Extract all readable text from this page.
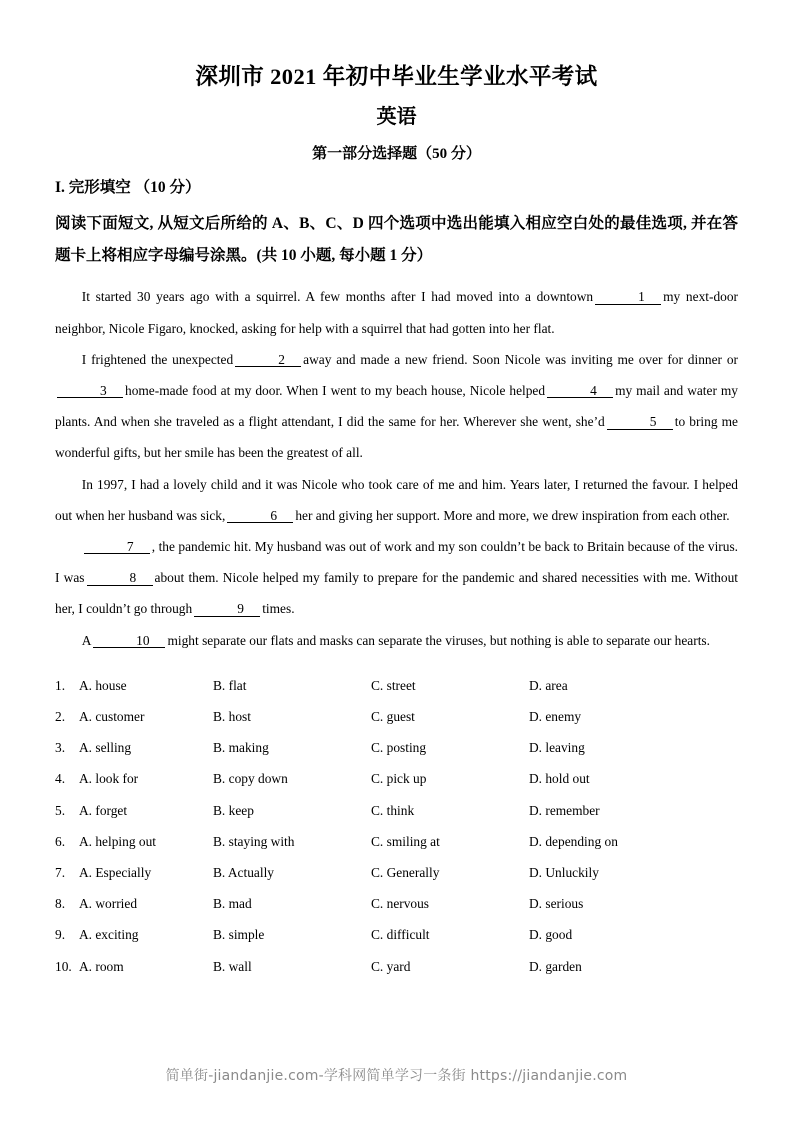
深圳市 2021 年初中毕业生学业水平考试
英语
第一部分选择题（50 分）
I. 完形填空 （10 分）
阅读下面短文, 从短文后所给的 A、B、C、D 四个选项中选出能填入相应空白处的最佳选项, 并在答题卡上将相应字母编号涂黑。(共 10 小题, 每小题 1 分）

It started 30 years ago with a squirrel. A few months after I had moved into a downtown	1 my next-door neighbor, Nicole Figaro, knocked, asking for help with a squirrel that had gotten into her flat.

I frightened the unexpected	2 away and made a new friend. Soon Nicole was inviting me over for dinner or3 home-made food at my door. When I went to my beach house, Nicole helped	4 my mail and water my plants. And when she traveled as a flight attendant, I did the same for her. Wherever she went, she’d	5 to bring me wonderful gifts, but her smile has been the greatest of all.

In 1997, I had a lovely child and it was Nicole who took care of me and him. Years later, I returned the favour. I helped out when her husband was sick,	6 her and giving her support. More and more, we drew inspiration from each other.

7 , the pandemic hit. My husband was out of work and my son couldn’t be back to Britain because of the virus. I was	8 about them. Nicole helped my family to prepare for the pandemic and shared necessities with me. Without her, I couldn’t go through	9 times.

A	10 might separate our flats and masks can separate the viruses, but nothing is able to separate our hearts.

1.	A. house	B. flat	C. street	D. area
2.	A. customer	B. host	C. guest	D. enemy
3.	A. selling	B. making	C. posting	D. leaving
4.	A. look for	B. copy down	C. pick up	D. hold out
5.	A. forget	B. keep	C. think	D. remember
6.	A. helping out	B. staying with	C. smiling at	D. depending on
7.	A. Especially	B. Actually	C. Generally	D. Unluckily
8.	A. worried	B. mad	C. nervous	D. serious
9.	A. exciting	B. simple	C. difficult	D. good
10. A. room	B. wall	C. yard	D. garden
简单街-jiandanjie.com-学科网简单学习一条街 https://jiandanjie.com
